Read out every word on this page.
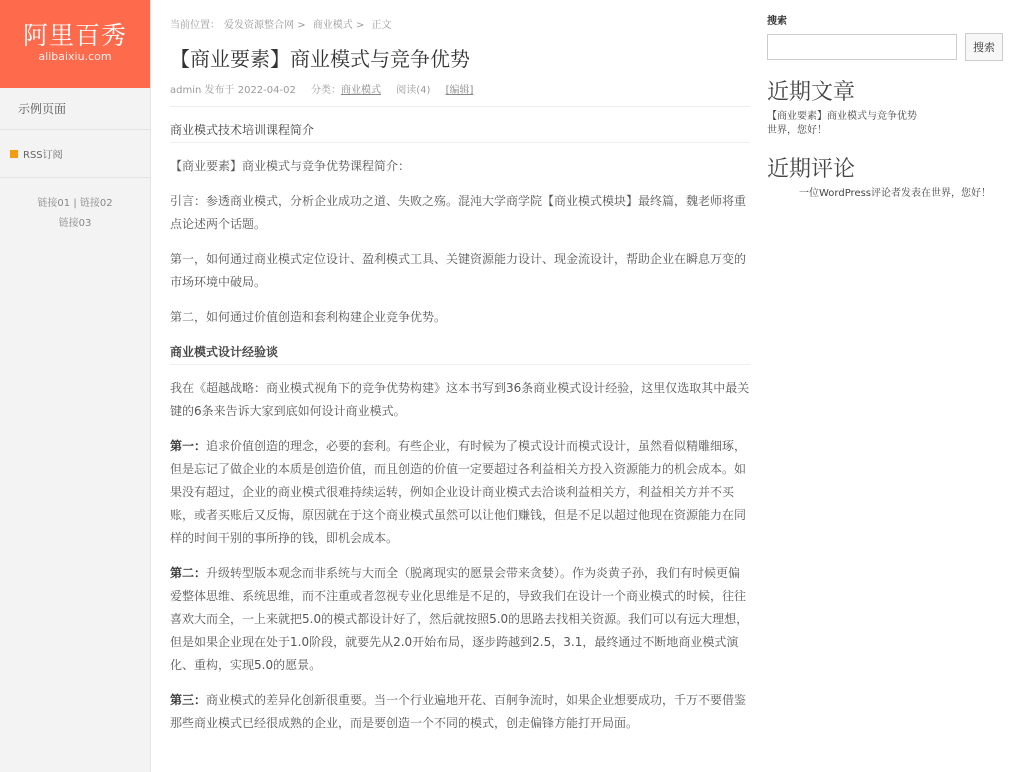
阿里百秀
alibaixiu.com
示例页面
RSS订阅
链接01 | 链接02
链接03
当前位置： 爱发资源整合网 > 商业模式 > 正文
【商业要素】商业模式与竞争优势
admin 发布于 2022-04-02 分类：商业模式 阅读(4) [编辑]

商业模式技术培训课程简介

【商业要素】商业模式与竞争优势课程简介：

引言：参透商业模式，分析企业成功之道、失败之殇。混沌大学商学院【商业模式模块】最终篇，魏老师将重点论述两个话题。

第一，如何通过商业模式定位设计、盈利模式工具、关键资源能力设计、现金流设计，帮助企业在瞬息万变的市场环境中破局。

第二，如何通过价值创造和套利构建企业竞争优势。

商业模式设计经验谈

我在《超越战略：商业模式视角下的竞争优势构建》这本书写到36条商业模式设计经验，这里仅选取其中最关键的6条来告诉大家到底如何设计商业模式。

第一：追求价值创造的理念，必要的套利。有些企业，有时候为了模式设计而模式设计，虽然看似精雕细琢，但是忘记了做企业的本质是创造价值，而且创造的价值一定要超过各利益相关方投入资源能力的机会成本。如果没有超过，企业的商业模式很难持续运转，例如企业设计商业模式去洽谈利益相关方，利益相关方并不买账，或者买账后又反悔，原因就在于这个商业模式虽然可以让他们赚钱，但是不足以超过他现在资源能力在同样的时间干别的事所挣的钱，即机会成本。

第二：升级转型版本观念而非系统与大而全（脱离现实的愿景会带来贪婪）。作为炎黄子孙，我们有时候更偏爱整体思维、系统思维，而不注重或者忽视专业化思维是不足的，导致我们在设计一个商业模式的时候，往往喜欢大而全，一上来就把5.0的模式都设计好了，然后就按照5.0的思路去找相关资源。我们可以有远大理想，但是如果企业现在处于1.0阶段，就要先从2.0开始布局，逐步跨越到2.5，3.1，最终通过不断地商业模式演化、重构，实现5.0的愿景。

第三：商业模式的差异化创新很重要。当一个行业遍地开花、百舸争流时，如果企业想要成功，千万不要借鉴那些商业模式已经很成熟的企业，而是要创造一个不同的模式，创走偏锋方能打开局面。

搜索
搜索
近期文章
【商业要素】商业模式与竞争优势
世界，您好！
近期评论
一位WordPress评论者发表在世界，您好！
